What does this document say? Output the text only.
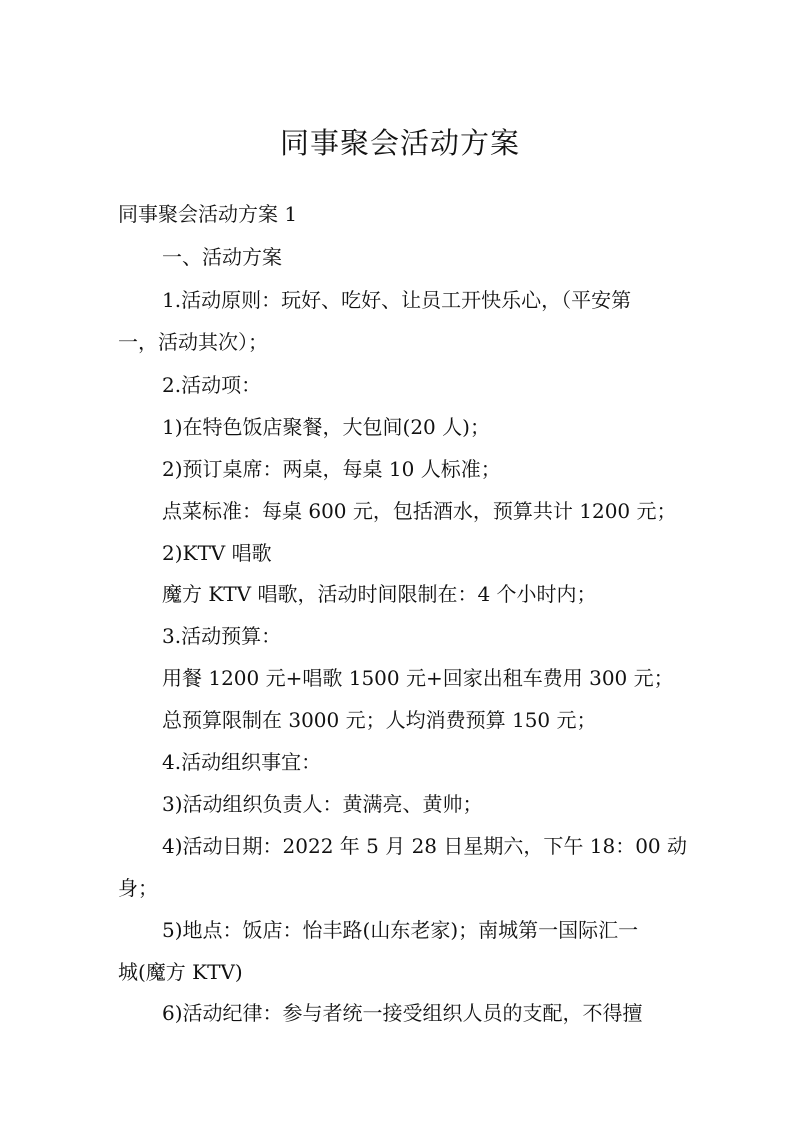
同事聚会活动方案

同事聚会活动方案 1

一、活动方案

1.活动原则：玩好、吃好、让员工开快乐心，（平安第

一，活动其次）；

2.活动项：

1)在特色饭店聚餐，大包间(20 人)；

2)预订桌席：两桌，每桌 10 人标准；

点菜标准：每桌 600 元，包括酒水，预算共计 1200 元；

2)KTV 唱歌

魔方 KTV 唱歌，活动时间限制在：4 个小时内；

3.活动预算：

用餐 1200 元+唱歌 1500 元+回家出租车费用 300 元；

总预算限制在 3000 元；人均消费预算 150 元；

4.活动组织事宜：

3)活动组织负责人：黄满亮、黄帅；

4)活动日期：2022 年 5 月 28 日星期六，下午 18：00 动

身；

5)地点：饭店：怡丰路(山东老家)；南城第一国际汇一

城(魔方 KTV)

6)活动纪律：参与者统一接受组织人员的支配，不得擅
